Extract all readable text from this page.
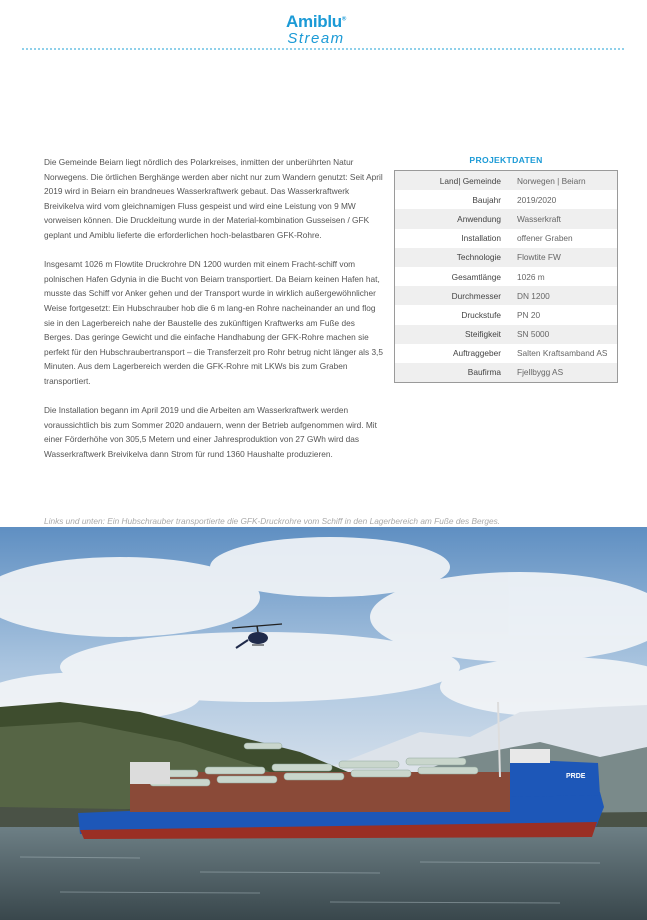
Amiblu®
Stream

Die Gemeinde Beiarn liegt nördlich des Polarkreises, inmitten der unberührten Natur Norwegens. Die örtlichen Berghänge werden aber nicht nur zum Wandern genutzt: Seit April 2019 wird in Beiarn ein brandneues Wasserkraftwerk gebaut. Das Wasserkraftwerk Breivikelva wird vom gleichnamigen Fluss gespeist und wird eine Leistung von 9 MW vorweisen können. Die Druckleitung wurde in der Material-kombination Gusseisen / GFK geplant und Amiblu lieferte die erforderlichen hoch-belastbaren GFK-Rohre.

Insgesamt 1026 m Flowtite Druckrohre DN 1200 wurden mit einem Fracht-schiff vom polnischen Hafen Gdynia in die Bucht von Beiarn transportiert. Da Beiarn keinen Hafen hat, musste das Schiff vor Anker gehen und der Transport wurde in wirklich außergewöhnlicher Weise fortgesetzt: Ein Hubschrauber hob die 6 m lang-en Rohre nacheinander an und flog sie in den Lagerbereich nahe der Baustelle des zukünftigen Kraftwerks am Fuße des Berges. Das geringe Gewicht und die einfache Handhabung der GFK-Rohre machen sie perfekt für den Hubschraubertransport – die Transferzeit pro Rohr betrug nicht länger als 3,5 Minuten. Aus dem Lagerbereich werden die GFK-Rohre mit LKWs bis zum Graben transportiert.

Die Installation begann im April 2019 und die Arbeiten am Wasserkraftwerk werden voraussichtlich bis zum Sommer 2020 andauern, wenn der Betrieb aufgenommen wird. Mit einer Förderhöhe von 305,5 Metern und einer Jahresproduktion von 27 GWh wird das Wasserkraftwerk Breivikelva dann Strom für rund 1360 Haushalte produzieren.

PROJEKTDATEN
Land| Gemeinde	Norwegen | Beiarn
Baujahr	2019/2020
Anwendung	Wasserkraft
Installation	offener Graben
Technologie	Flowtite FW
Gesamtlänge	1026 m
Durchmesser	DN 1200
Druckstufe	PN 20
Steifigkeit	SN 5000
Auftraggeber	Salten Kraftsamband AS
Baufirma	Fjellbygg AS
Links und unten: Ein Hubschrauber transportierte die GFK-Druckrohre vom Schiff in den Lagerbereich am Fuße des Berges.
PRDE
